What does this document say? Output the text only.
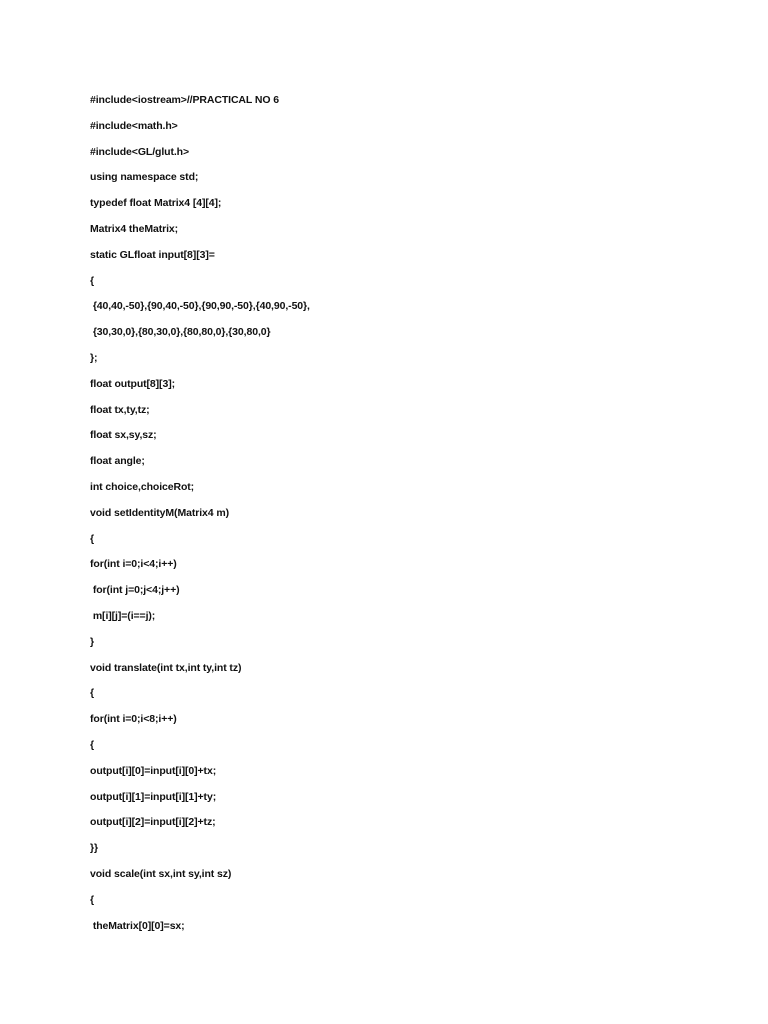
#include<iostream>//PRACTICAL NO 6
#include<math.h>
#include<GL/glut.h>
using namespace std;
typedef float Matrix4 [4][4];
Matrix4 theMatrix;
static GLfloat input[8][3]=
{
{40,40,-50},{90,40,-50},{90,90,-50},{40,90,-50},
{30,30,0},{80,30,0},{80,80,0},{30,80,0}
};
float output[8][3];
float tx,ty,tz;
float sx,sy,sz;
float angle;
int choice,choiceRot;
void setIdentityM(Matrix4 m)
{
for(int i=0;i<4;i++)
for(int j=0;j<4;j++)
m[i][j]=(i==j);
}
void translate(int tx,int ty,int tz)
{
for(int i=0;i<8;i++)
{
output[i][0]=input[i][0]+tx;
output[i][1]=input[i][1]+ty;
output[i][2]=input[i][2]+tz;
}}
void scale(int sx,int sy,int sz)
{
theMatrix[0][0]=sx;
